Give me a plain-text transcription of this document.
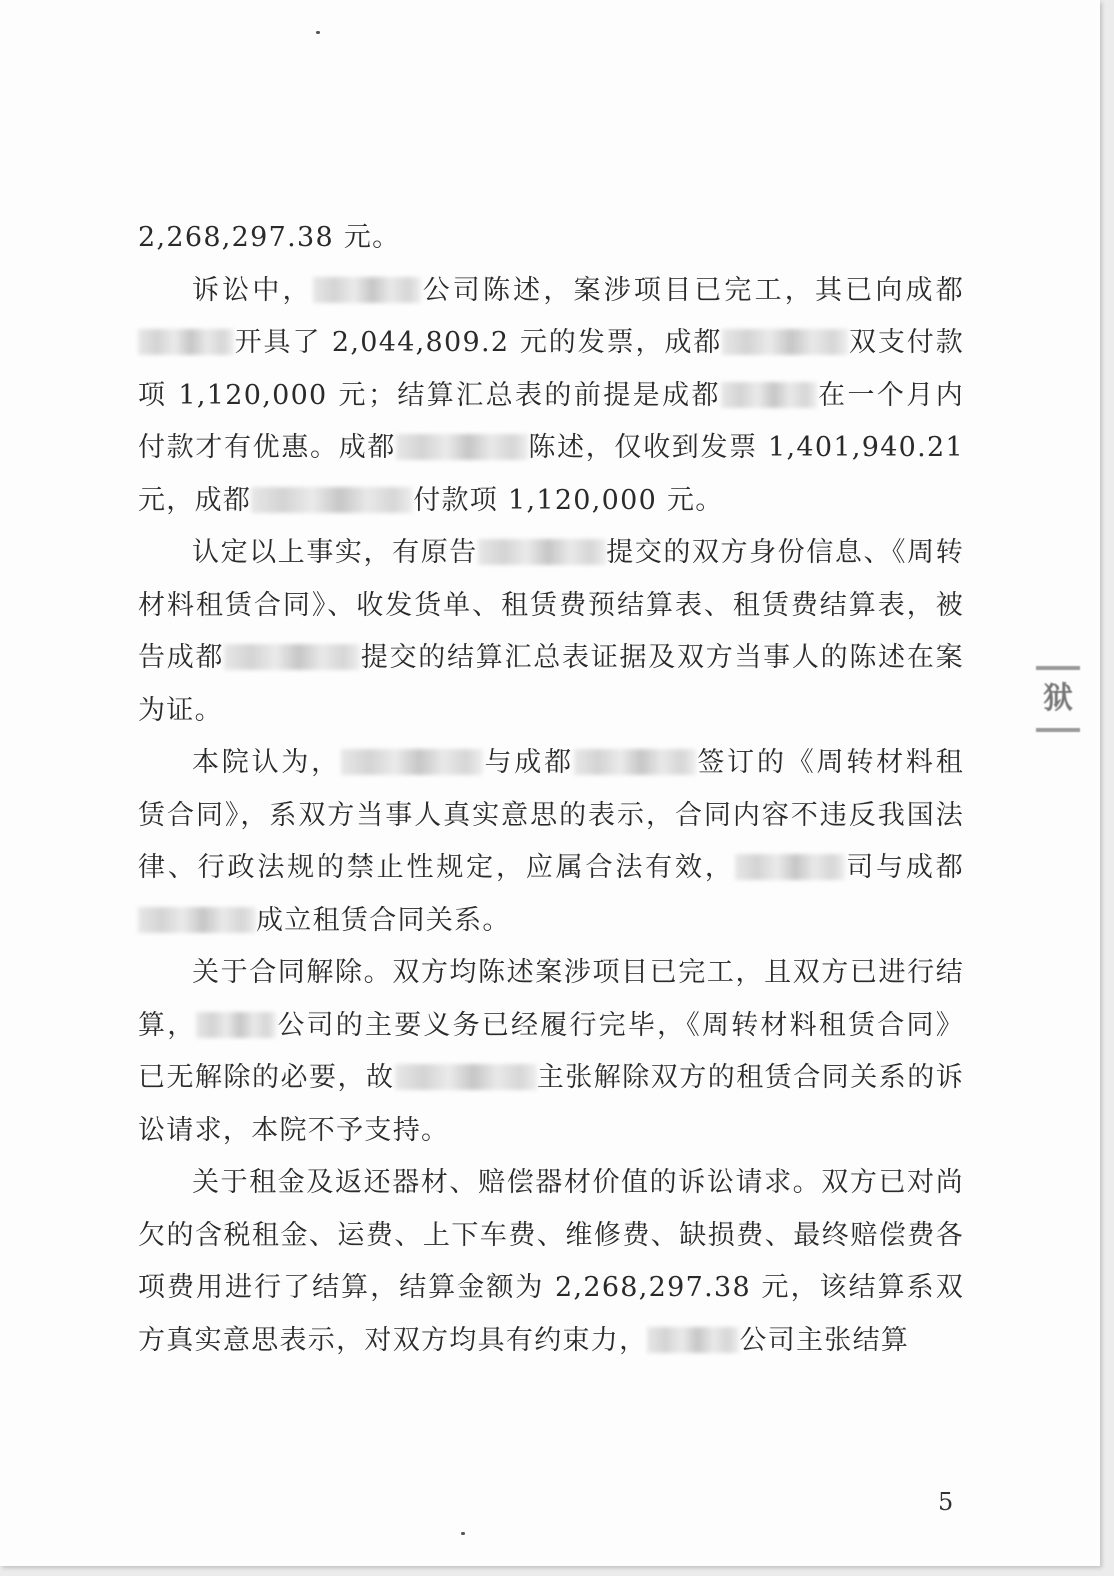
2,268,297.38 元。

诉讼中，	公司陈述，案涉项目已完工，其已向成都开具了 2,044,809.2 元的发票，成都	双支付款项 1,120,000 元；结算汇总表的前提是成都	在一个月内付款才有优惠。成都	陈述，仅收到发票 1,401,940.21 元，成都	付款项 1,120,000 元。

认定以上事实，有原告	提交的双方身份信息、《周转材料租赁合同》、收发货单、租赁费预结算表、租赁费结算表，被告成都	提交的结算汇总表证据及双方当事人的陈述在案为证。

本院认为，	与成都	签订的《周转材料租赁合同》，系双方当事人真实意思的表示，合同内容不违反我国法律、行政法规的禁止性规定，应属合法有效，	司与成都成立租赁合同关系。

关于合同解除。双方均陈述案涉项目已完工，且双方已进行结算，	公司的主要义务已经履行完毕，《周转材料租赁合同》已无解除的必要，故	主张解除双方的租赁合同关系的诉讼请求，本院不予支持。

关于租金及返还器材、赔偿器材价值的诉讼请求。双方已对尚欠的含税租金、运费、上下车费、维修费、缺损费、最终赔偿费各项费用进行了结算，结算金额为 2,268,297.38 元，该结算系双方真实意思表示，对双方均具有约束力，	公司主张结算

狱
5
